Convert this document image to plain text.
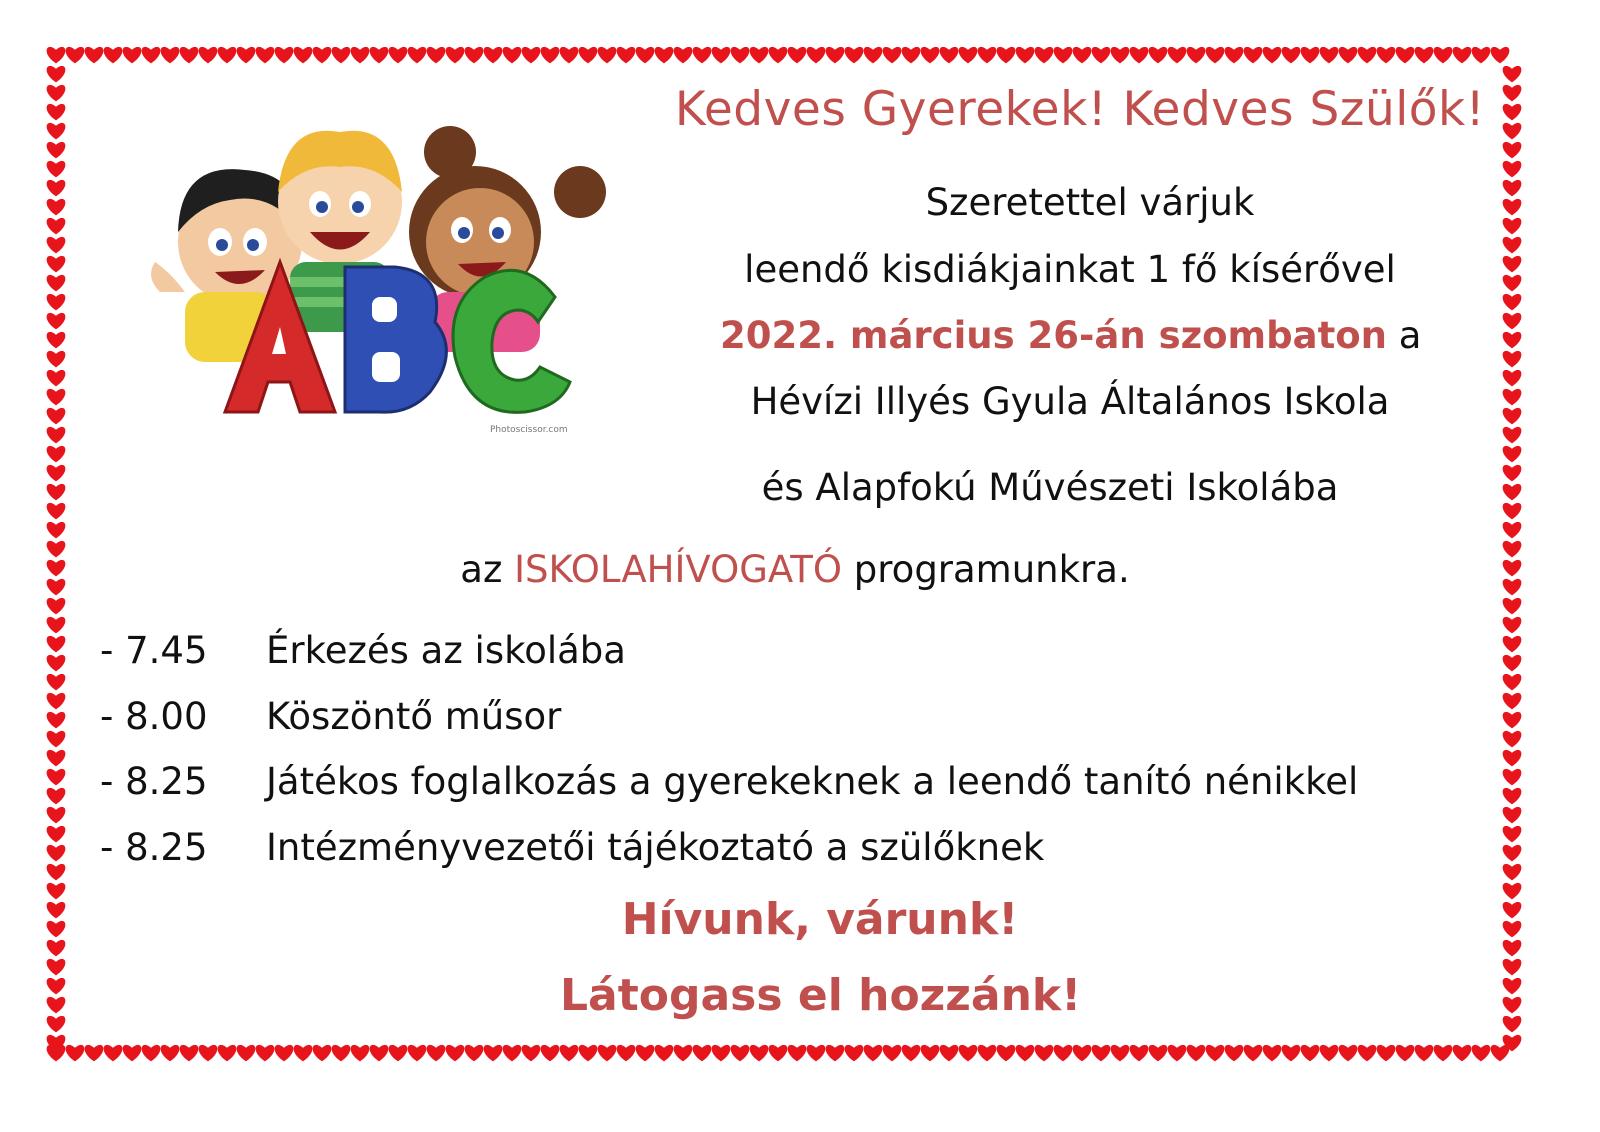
Kedves Gyerekek! Kedves Szülők!

Szeretettel várjuk

leendő kisdiákjainkat 1 fő kísérővel

2022. március 26-án szombaton a

Hévízi Illyés Gyula Általános Iskola

és Alapfokú Művészeti Iskolába

az ISKOLAHÍVOGATÓ programunkra.

- 7.45 Érkezés az iskolába
- 8.00 Köszöntő műsor
- 8.25 Játékos foglalkozás a gyerekeknek a leendő tanító nénikkel
- 8.25 Intézményvezetői tájékoztató a szülőknek

Hívunk, várunk!

Látogass el hozzánk!

Photoscissor.com
